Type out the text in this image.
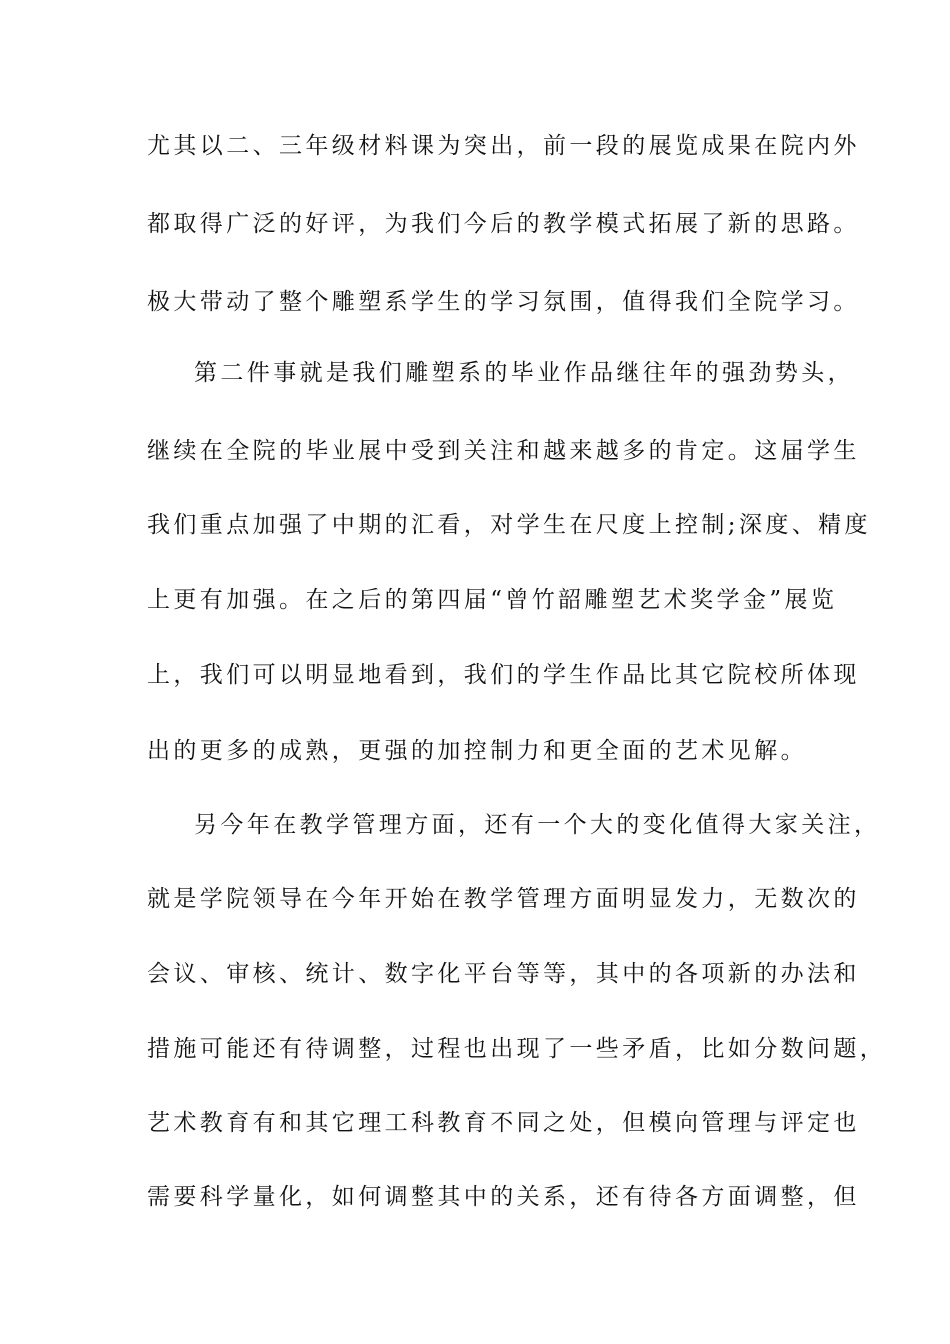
尤其以二、三年级材料课为突出，前一段的展览成果在院内外
都取得广泛的好评，为我们今后的教学模式拓展了新的思路。
极大带动了整个雕塑系学生的学习氛围，值得我们全院学习。
第二件事就是我们雕塑系的毕业作品继往年的强劲势头，
继续在全院的毕业展中受到关注和越来越多的肯定。这届学生
我们重点加强了中期的汇看，对学生在尺度上控制;深度、精度
上更有加强。在之后的第四届“曾竹韶雕塑艺术奖学金”展览
上，我们可以明显地看到，我们的学生作品比其它院校所体现
出的更多的成熟，更强的加控制力和更全面的艺术见解。
另今年在教学管理方面，还有一个大的变化值得大家关注，
就是学院领导在今年开始在教学管理方面明显发力，无数次的
会议、审核、统计、数字化平台等等，其中的各项新的办法和
措施可能还有待调整，过程也出现了一些矛盾，比如分数问题，
艺术教育有和其它理工科教育不同之处，但模向管理与评定也
需要科学量化，如何调整其中的关系，还有待各方面调整，但
